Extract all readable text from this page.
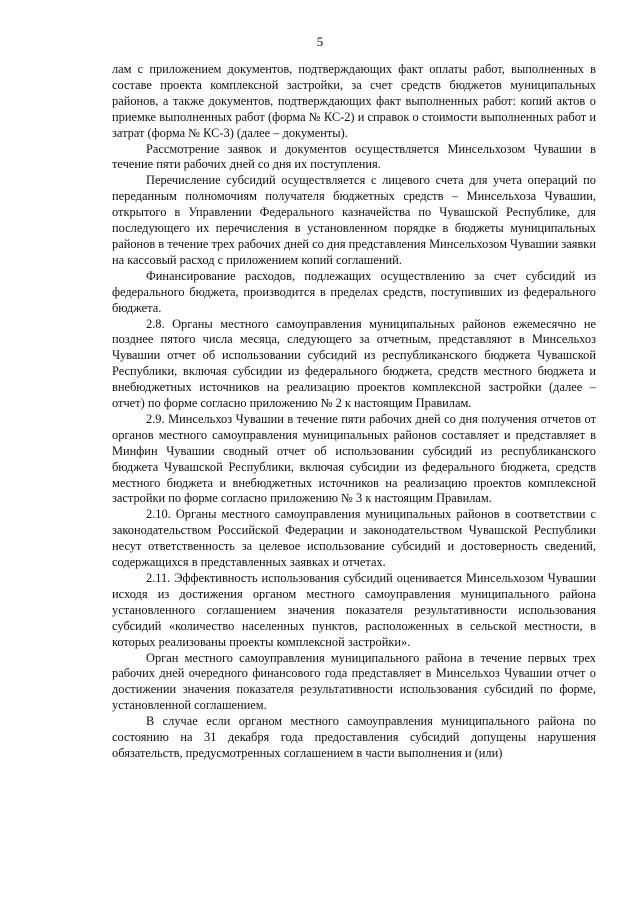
5

лам с приложением документов, подтверждающих факт оплаты работ, выполненных в составе проекта комплексной застройки, за счет средств бюджетов муниципальных районов, а также документов, подтверждающих факт выполненных работ: копий актов о приемке выполненных работ (форма № КС-2) и справок о стоимости выполненных работ и затрат (форма № КС-3) (далее – документы).

Рассмотрение заявок и документов осуществляется Минсельхозом Чувашии в течение пяти рабочих дней со дня их поступления.

Перечисление субсидий осуществляется с лицевого счета для учета операций по переданным полномочиям получателя бюджетных средств – Минсельхоза Чувашии, открытого в Управлении Федерального казначейства по Чувашской Республике, для последующего их перечисления в установленном порядке в бюджеты муниципальных районов в течение трех рабочих дней со дня представления Минсельхозом Чувашии заявки на кассовый расход с приложением копий соглашений.

Финансирование расходов, подлежащих осуществлению за счет субсидий из федерального бюджета, производится в пределах средств, поступивших из федерального бюджета.

2.8. Органы местного самоуправления муниципальных районов ежемесячно не позднее пятого числа месяца, следующего за отчетным, представляют в Минсельхоз Чувашии отчет об использовании субсидий из республиканского бюджета Чувашской Республики, включая субсидии из федерального бюджета, средств местного бюджета и внебюджетных источников на реализацию проектов комплексной застройки (далее – отчет) по форме согласно приложению № 2 к настоящим Правилам.

2.9. Минсельхоз Чувашии в течение пяти рабочих дней со дня получения отчетов от органов местного самоуправления муниципальных районов составляет и представляет в Минфин Чувашии сводный отчет об использовании субсидий из республиканского бюджета Чувашской Республики, включая субсидии из федерального бюджета, средств местного бюджета и внебюджетных источников на реализацию проектов комплексной застройки по форме согласно приложению № 3 к настоящим Правилам.

2.10. Органы местного самоуправления муниципальных районов в соответствии с законодательством Российской Федерации и законодательством Чувашской Республики несут ответственность за целевое использование субсидий и достоверность сведений, содержащихся в представленных заявках и отчетах.

2.11. Эффективность использования субсидий оценивается Минсельхозом Чувашии исходя из достижения органом местного самоуправления муниципального района установленного соглашением значения показателя результативности использования субсидий «количество населенных пунктов, расположенных в сельской местности, в которых реализованы проекты комплексной застройки».

Орган местного самоуправления муниципального района в течение первых трех рабочих дней очередного финансового года представляет в Минсельхоз Чувашии отчет о достижении значения показателя результативности использования субсидий по форме, установленной соглашением.

В случае если органом местного самоуправления муниципального района по состоянию на 31 декабря года предоставления субсидий допущены нарушения обязательств, предусмотренных соглашением в части выполнения и (или)
